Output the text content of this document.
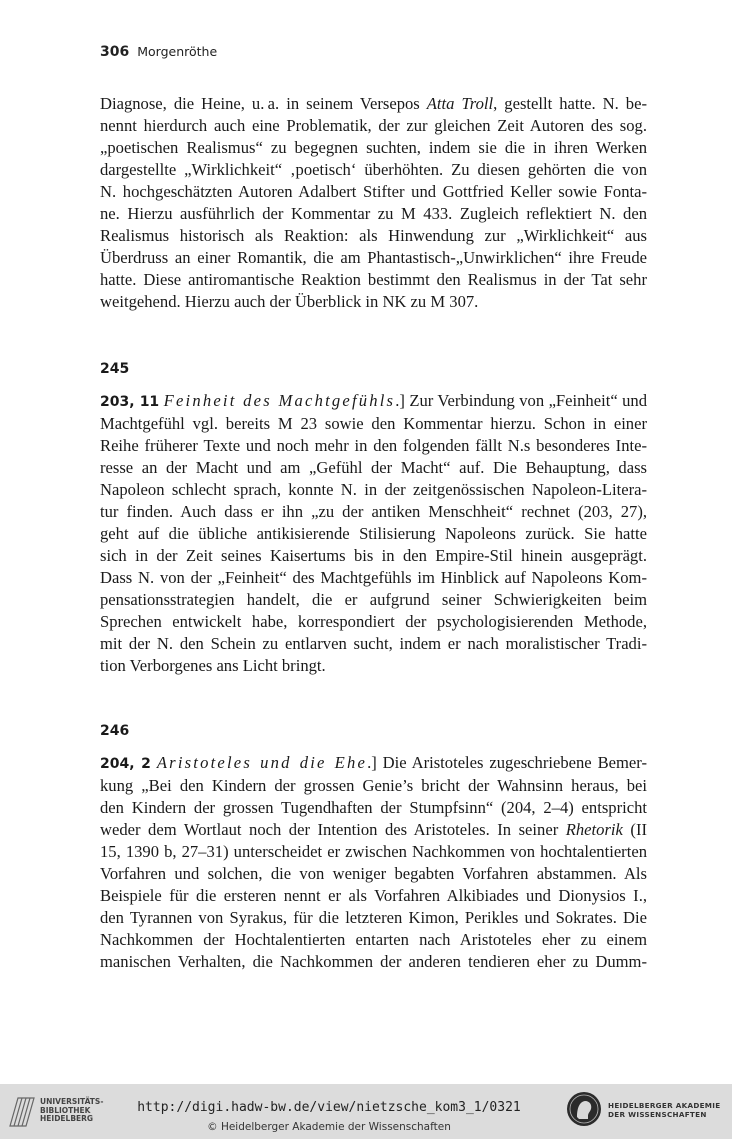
306 Morgenröthe
Diagnose, die Heine, u. a. in seinem Versepos Atta Troll, gestellt hatte. N. be-
nennt hierdurch auch eine Problematik, der zur gleichen Zeit Autoren des sog.
„poetischen Realismus“ zu begegnen suchten, indem sie die in ihren Werken
dargestellte „Wirklichkeit“ ‚poetisch‘ überhöhten. Zu diesen gehörten die von
N. hochgeschätzten Autoren Adalbert Stifter und Gottfried Keller sowie Fonta-
ne. Hierzu ausführlich der Kommentar zu M 433. Zugleich reflektiert N. den
Realismus historisch als Reaktion: als Hinwendung zur „Wirklichkeit“ aus
Überdruss an einer Romantik, die am Phantastisch-„Unwirklichen“ ihre Freude
hatte. Diese antiromantische Reaktion bestimmt den Realismus in der Tat sehr
weitgehend. Hierzu auch der Überblick in NK zu M 307.
245
203, 11 Feinheit des Machtgefühls.] Zur Verbindung von „Feinheit“ und
Machtgefühl vgl. bereits M 23 sowie den Kommentar hierzu. Schon in einer
Reihe früherer Texte und noch mehr in den folgenden fällt N.s besonderes Inte-
resse an der Macht und am „Gefühl der Macht“ auf. Die Behauptung, dass
Napoleon schlecht sprach, konnte N. in der zeitgenössischen Napoleon-Litera-
tur finden. Auch dass er ihn „zu der antiken Menschheit“ rechnet (203, 27),
geht auf die übliche antikisierende Stilisierung Napoleons zurück. Sie hatte
sich in der Zeit seines Kaisertums bis in den Empire-Stil hinein ausgeprägt.
Dass N. von der „Feinheit“ des Machtgefühls im Hinblick auf Napoleons Kom-
pensationsstrategien handelt, die er aufgrund seiner Schwierigkeiten beim
Sprechen entwickelt habe, korrespondiert der psychologisierenden Methode,
mit der N. den Schein zu entlarven sucht, indem er nach moralistischer Tradi-
tion Verborgenes ans Licht bringt.
246
204, 2 Aristoteles und die Ehe.] Die Aristoteles zugeschriebene Bemer-
kung „Bei den Kindern der grossen Genie’s bricht der Wahnsinn heraus, bei
den Kindern der grossen Tugendhaften der Stumpfsinn“ (204, 2–4) entspricht
weder dem Wortlaut noch der Intention des Aristoteles. In seiner Rhetorik (II
15, 1390 b, 27–31) unterscheidet er zwischen Nachkommen von hochtalentierten
Vorfahren und solchen, die von weniger begabten Vorfahren abstammen. Als
Beispiele für die ersteren nennt er als Vorfahren Alkibiades und Dionysios I.,
den Tyrannen von Syrakus, für die letzteren Kimon, Perikles und Sokrates. Die
Nachkommen der Hochtalentierten entarten nach Aristoteles eher zu einem
manischen Verhalten, die Nachkommen der anderen tendieren eher zu Dumm-
UNIVERSITÄTS-
BIBLIOTHEK
HEIDELBERG
http://digi.hadw-bw.de/view/nietzsche_kom3_1/0321
© Heidelberger Akademie der Wissenschaften
HEIDELBERGER AKADEMIE
DER WISSENSCHAFTEN
